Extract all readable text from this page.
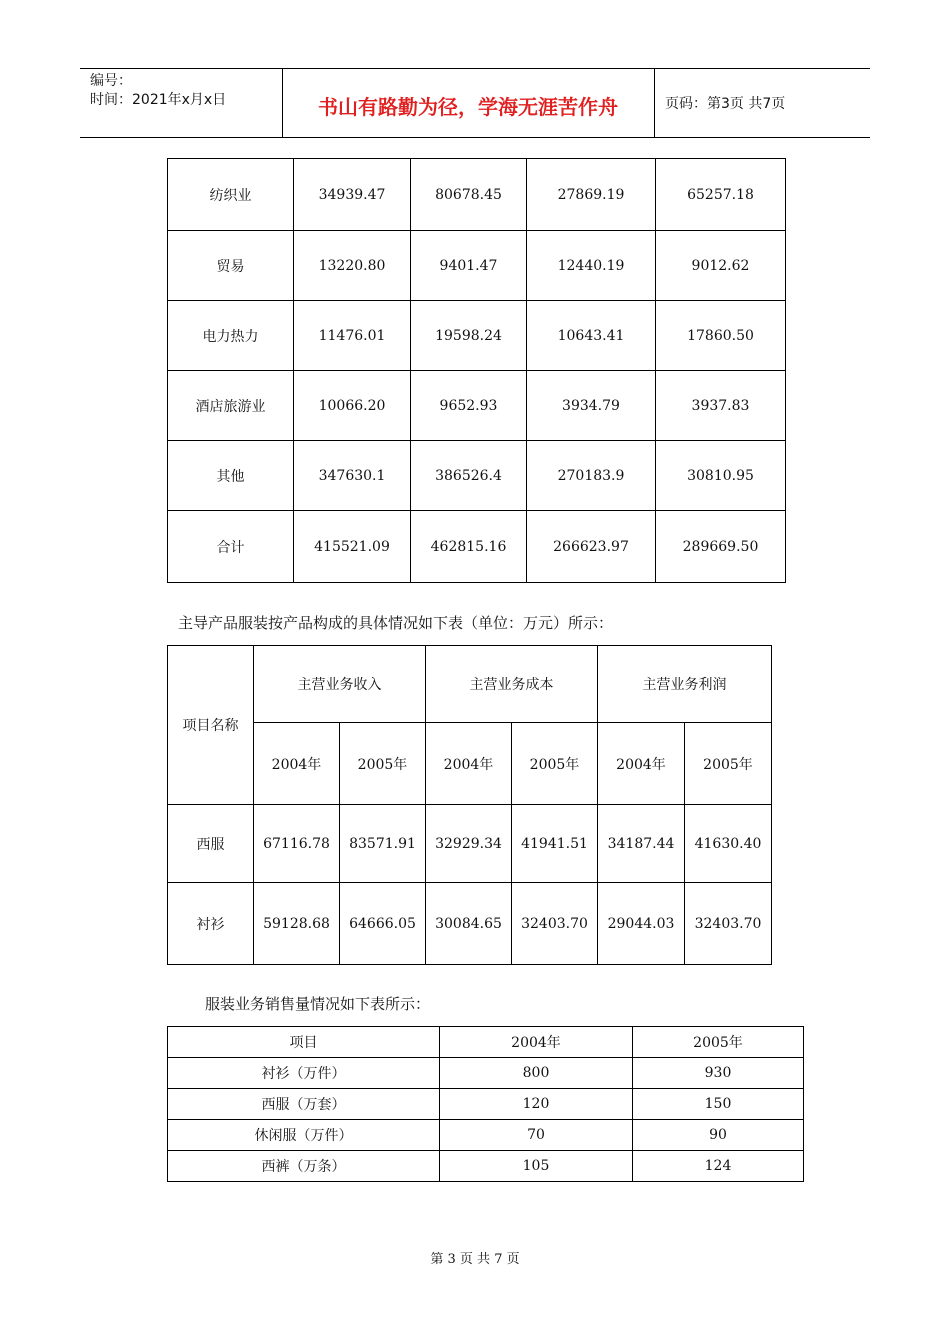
编号：
时间：2021年x月x日	书山有路勤为径，学海无涯苦作舟	页码：第3页 共7页
纺织业	34939.47	80678.45	27869.19	65257.18
贸易	13220.80	9401.47	12440.19	9012.62
电力热力	11476.01	19598.24	10643.41	17860.50
酒店旅游业	10066.20	9652.93	3934.79	3937.83
其他	347630.1	386526.4	270183.9	30810.95
合计	415521.09	462815.16	266623.97	289669.50
主导产品服装按产品构成的具体情况如下表（单位：万元）所示：
项目名称	主营业务收入		主营业务成本		主营业务利润	
	2004年	2005年	2004年	2005年	2004年	2005年
西服	67116.78	83571.91	32929.34	41941.51	34187.44	41630.40
衬衫	59128.68	64666.05	30084.65	32403.70	29044.03	32403.70
服装业务销售量情况如下表所示：
项目	2004年	2005年
衬衫（万件）	800	930
西服（万套）	120	150
休闲服（万件）	70	90
西裤（万条）	105	124
第 3 页 共 7 页
